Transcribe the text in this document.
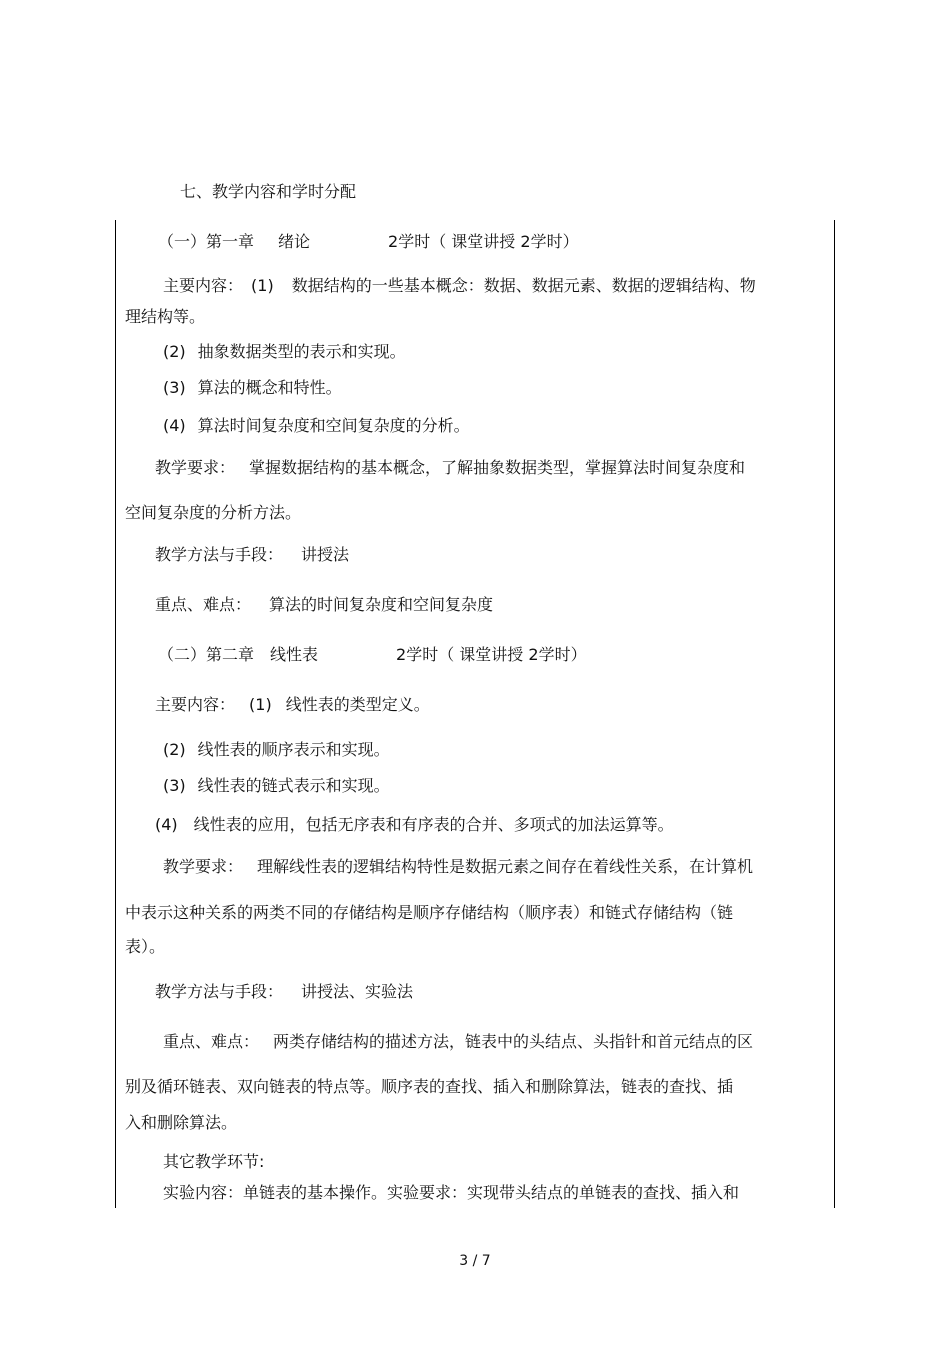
七、教学内容和学时分配
（一）第一章 绪论	2学时（ 课堂讲授 2学时）
主要内容： (1) 数据结构的一些基本概念：数据、数据元素、数据的逻辑结构、物
理结构等。
(2) 抽象数据类型的表示和实现。
(3) 算法的概念和特性。
(4) 算法时间复杂度和空间复杂度的分析。
教学要求： 掌握数据结构的基本概念，了解抽象数据类型，掌握算法时间复杂度和
空间复杂度的分析方法。
教学方法与手段： 讲授法
重点、难点： 算法的时间复杂度和空间复杂度
（二）第二章 线性表	2学时（ 课堂讲授 2学时）
主要内容： (1) 线性表的类型定义。
(2) 线性表的顺序表示和实现。
(3) 线性表的链式表示和实现。
(4) 线性表的应用，包括无序表和有序表的合并、多项式的加法运算等。
教学要求： 理解线性表的逻辑结构特性是数据元素之间存在着线性关系，在计算机
中表示这种关系的两类不同的存储结构是顺序存储结构（顺序表）和链式存储结构（链
表）。
教学方法与手段： 讲授法、实验法
重点、难点： 两类存储结构的描述方法，链表中的头结点、头指针和首元结点的区
别及循环链表、双向链表的特点等。顺序表的查找、插入和删除算法，链表的查找、插
入和删除算法。
其它教学环节:
实验内容：单链表的基本操作。实验要求：实现带头结点的单链表的查找、插入和
3 / 7
